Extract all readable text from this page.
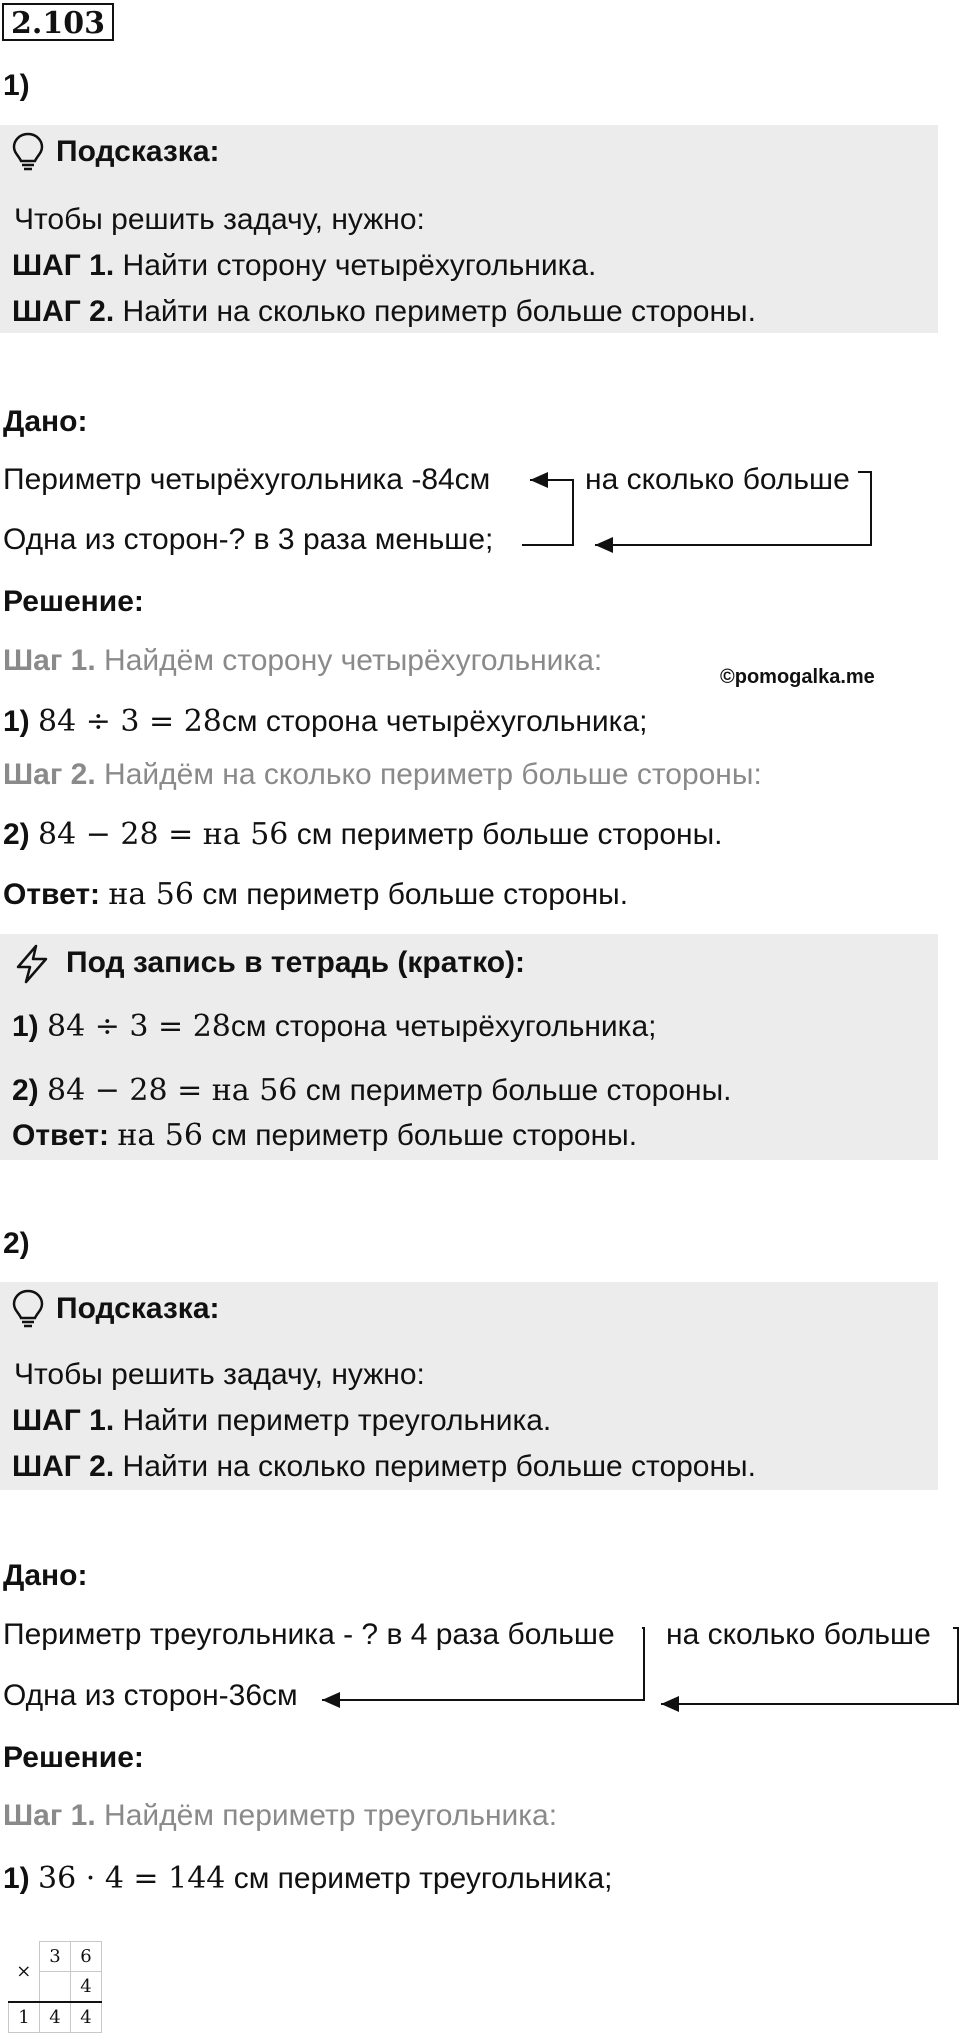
2.103
1)
Подсказка:
Чтобы решить задачу, нужно:
ШАГ 1. Найти сторону четырёхугольника.
ШАГ 2. Найти на сколько периметр больше стороны.
Дано:
Периметр четырёхугольника -84см	на сколько больше
Одна из сторон-? в 3 раза меньше;
Решение:
Шаг 1. Найдём сторону четырёхугольника:	©pomogalka.me
1) 84 ÷ 3 = 28см сторона четырёхугольника;
Шаг 2. Найдём на сколько периметр больше стороны:
2) 84 − 28 = на 56 см периметр больше стороны.
Ответ: на 56 см периметр больше стороны.
Под запись в тетрадь (кратко):
1) 84 ÷ 3 = 28см сторона четырёхугольника;
2) 84 − 28 = на 56 см периметр больше стороны.
Ответ: на 56 см периметр больше стороны.
2)
Подсказка:
Чтобы решить задачу, нужно:
ШАГ 1. Найти периметр треугольника.
ШАГ 2. Найти на сколько периметр больше стороны.
Дано:
Периметр треугольника - ? в 4 раза больше на сколько больше
Одна из сторон-36см
Решение:
Шаг 1. Найдём периметр треугольника:
1) 36 · 4 = 144 см периметр треугольника;
×	3	6
		4
1	4	4
